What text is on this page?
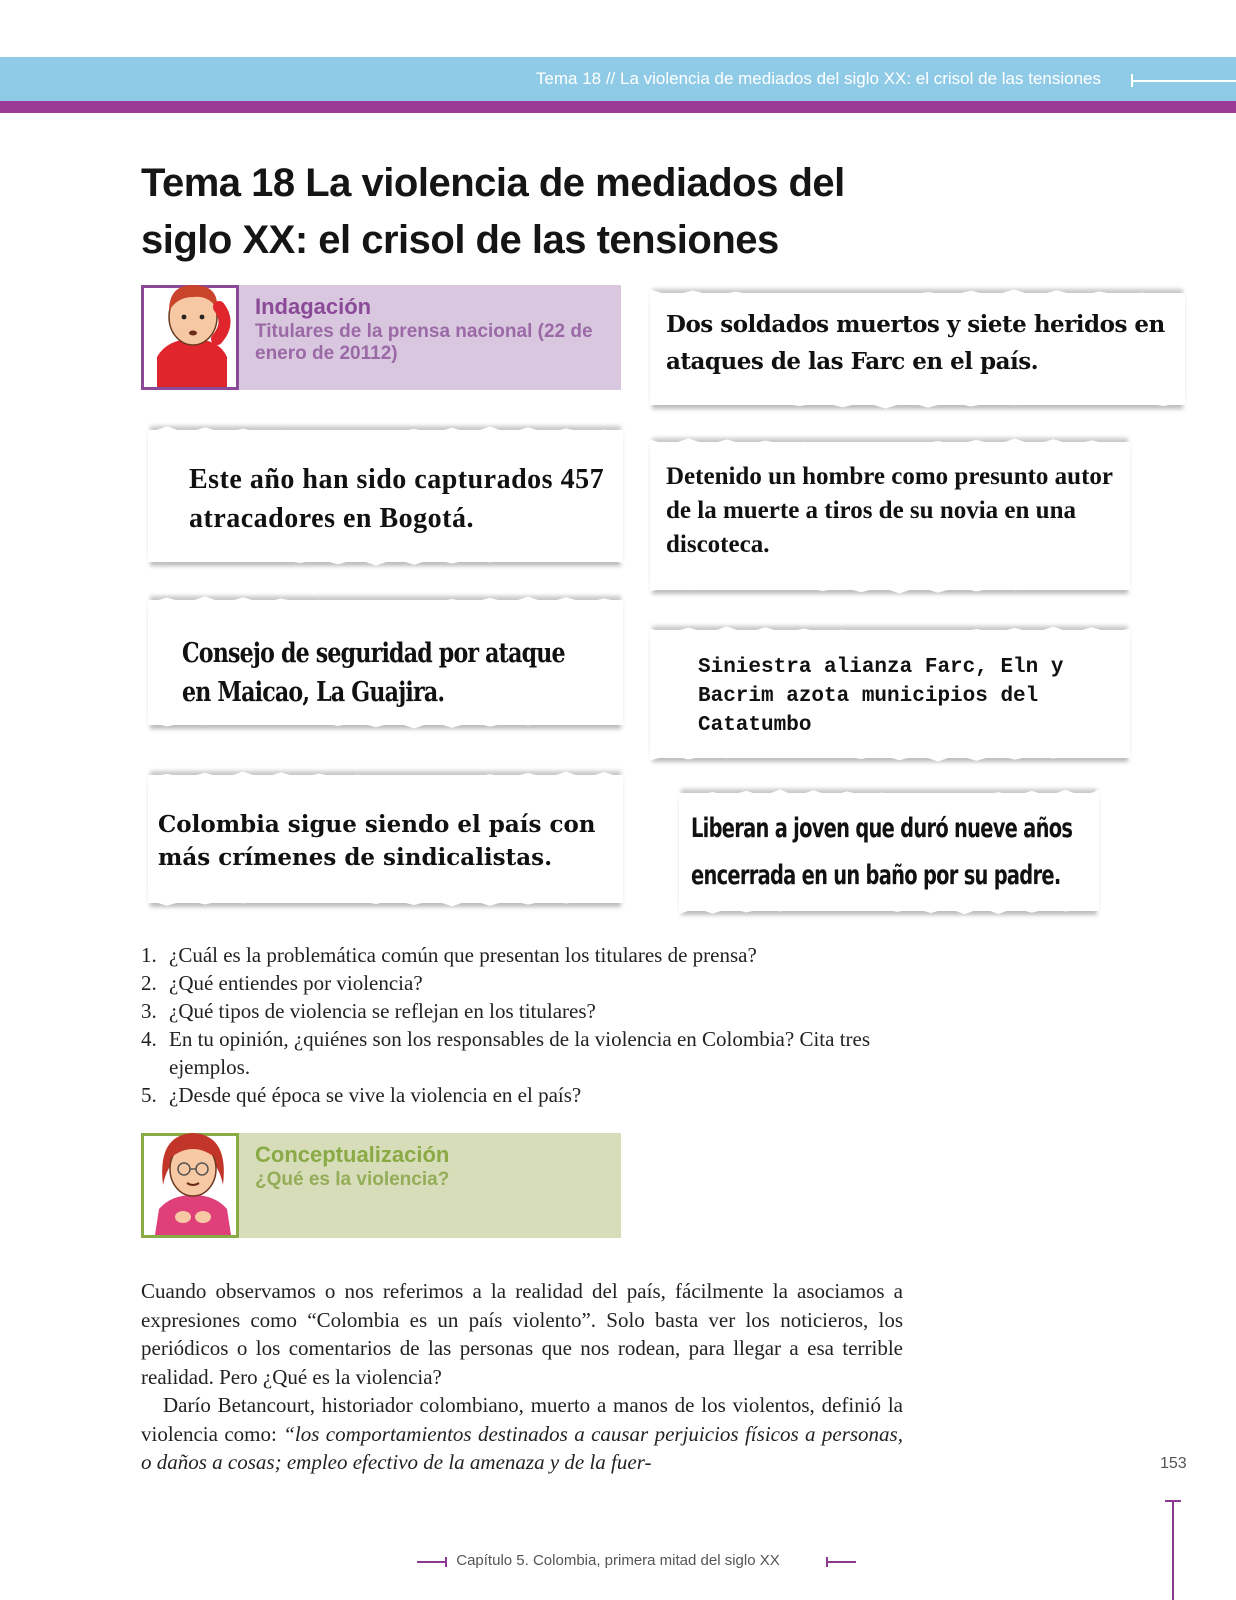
Tema 18 // La violencia de mediados del siglo XX: el crisol de las tensiones
Tema 18 La violencia de mediados del siglo XX: el crisol de las tensiones
Indagación
Titulares de la prensa nacional (22 de enero de 20112)
Dos soldados muertos y siete heridos en ataques de las Farc en el país.
Este año han sido capturados 457 atracadores en Bogotá.
Detenido un hombre como presunto autor de la muerte a tiros de su novia en una discoteca.
Consejo de seguridad por ataque en Maicao, La Guajira.
Siniestra alianza Farc, Eln y Bacrim azota municipios del Catatumbo
Colombia sigue siendo el país con más crímenes de sindicalistas.
Liberan a joven que duró nueve años encerrada en un baño por su padre.
1. ¿Cuál es la problemática común que presentan los titulares de prensa?
2. ¿Qué entiendes por violencia?
3. ¿Qué tipos de violencia se reflejan en los titulares?
4. En tu opinión, ¿quiénes son los responsables de la violencia en Colombia? Cita tres ejemplos.
5. ¿Desde qué época se vive la violencia en el país?
Conceptualización
¿Qué es la violencia?

Cuando observamos o nos referimos a la realidad del país, fácilmente la asociamos a expresiones como “Colombia es un país violento”. Solo basta ver los noticieros, los periódicos o los comentarios de las personas que nos rodean, para llegar a esa terrible realidad. Pero ¿Qué es la violencia?

Darío Betancourt, historiador colombiano, muerto a manos de los violentos, definió la violencia como: “los comportamientos destinados a causar perjuicios físicos a personas, o daños a cosas; empleo efectivo de la amenaza y de la fuer-	153
Capítulo 5. Colombia, primera mitad del siglo XX
